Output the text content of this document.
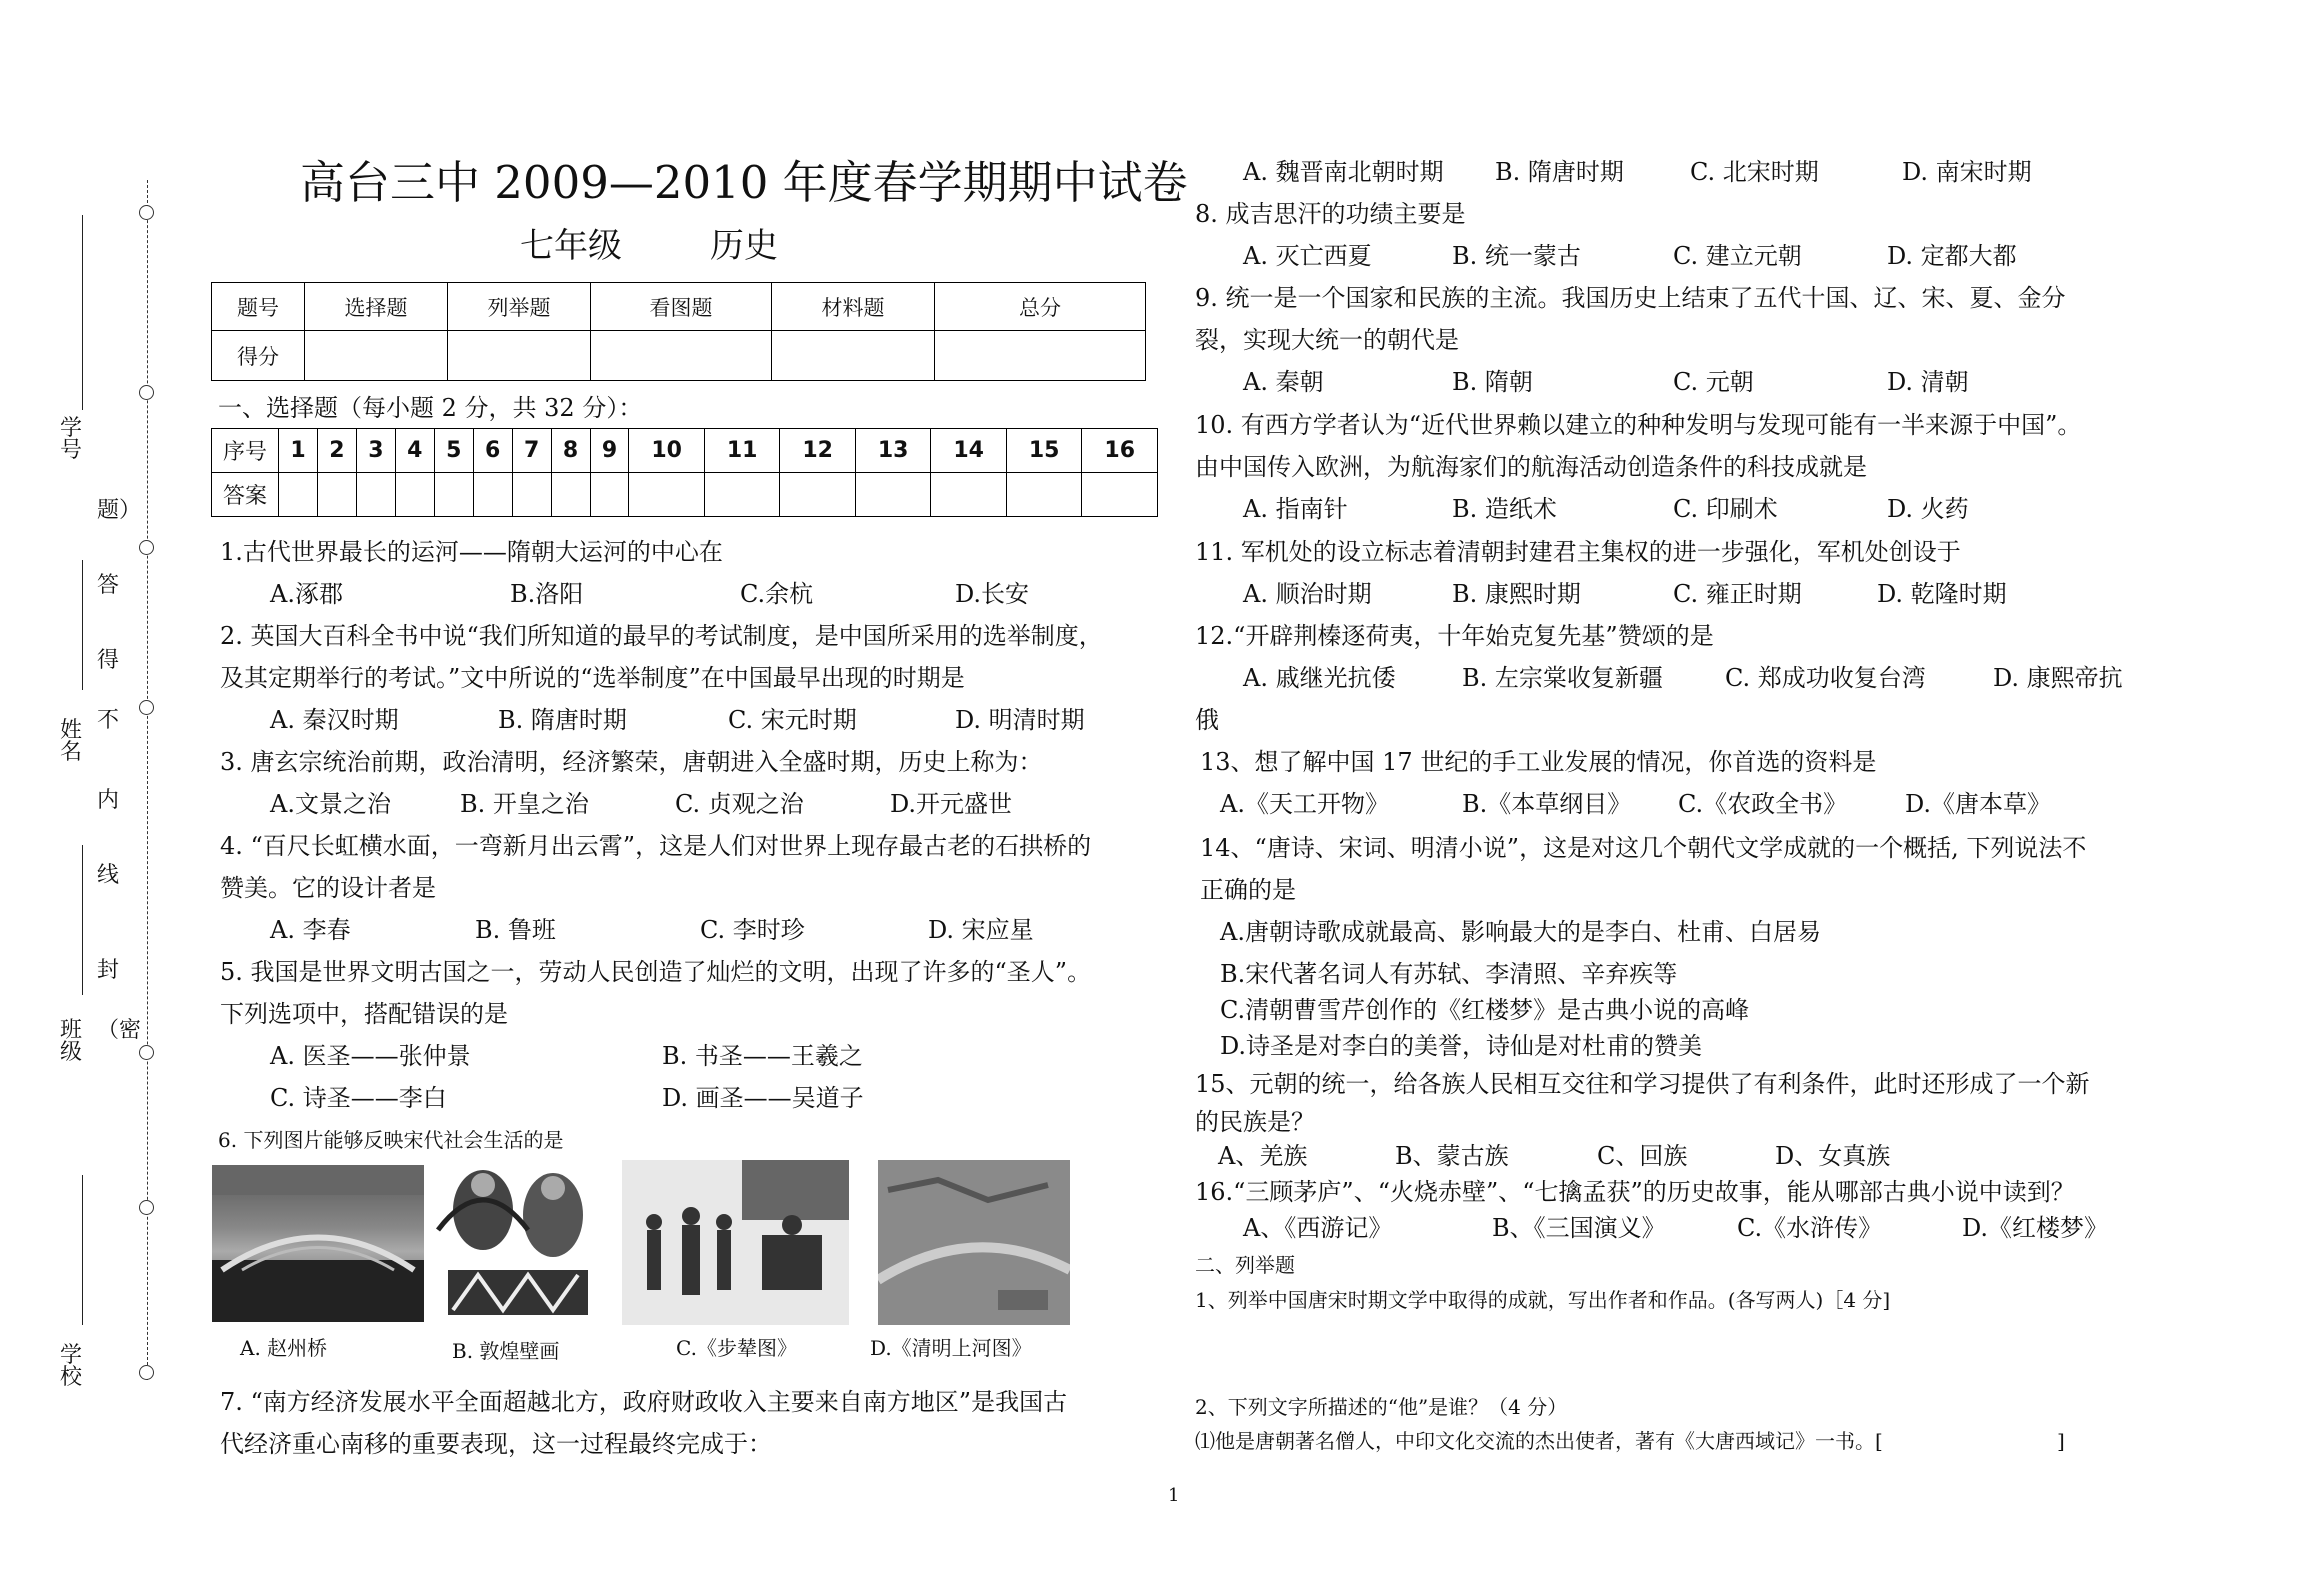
学号
姓名
班级
学校
（密
封
线
内
不
得
答
题）
高台三中 2009—2010 年度春学期期中试卷
七年级	历史
题号	选择题	列举题	看图题	材料题	总分
得分					
一、选择题（每小题 2 分，共 32 分）：
序号	1	2	3	4	5	6	7	8	9	10	11	12	13	14	15	16
答案																
1.古代世界最长的运河——隋朝大运河的中心在
A.涿郡	B.洛阳	C.余杭	D.长安
2. 英国大百科全书中说“我们所知道的最早的考试制度，是中国所采用的选举制度，
及其定期举行的考试。”文中所说的“选举制度”在中国最早出现的时期是
A. 秦汉时期	B. 隋唐时期	C. 宋元时期	D. 明清时期
3. 唐玄宗统治前期，政治清明，经济繁荣，唐朝进入全盛时期，历史上称为：
A.文景之治	B. 开皇之治	C. 贞观之治	D.开元盛世
4. “百尺长虹横水面，一弯新月出云霄”，这是人们对世界上现存最古老的石拱桥的
赞美。它的设计者是
A. 李春	B. 鲁班	C. 李时珍	D. 宋应星
5. 我国是世界文明古国之一，劳动人民创造了灿烂的文明，出现了许多的“圣人”。
下列选项中，搭配错误的是
A. 医圣——张仲景	B. 书圣——王羲之
C. 诗圣——李白	D. 画圣——吴道子
6. 下列图片能够反映宋代社会生活的是
A. 赵州桥	B. 敦煌壁画	C.《步辇图》	D.《清明上河图》
7. “南方经济发展水平全面超越北方，政府财政收入主要来自南方地区”是我国古
代经济重心南移的重要表现，这一过程最终完成于：
A. 魏晋南北朝时期 B. 隋唐时期	C. 北宋时期	D. 南宋时期
8. 成吉思汗的功绩主要是
A. 灭亡西夏	B. 统一蒙古	C. 建立元朝	D. 定都大都
9. 统一是一个国家和民族的主流。我国历史上结束了五代十国、辽、宋、夏、金分
裂，实现大统一的朝代是
A. 秦朝	B. 隋朝	C. 元朝	D. 清朝
10. 有西方学者认为“近代世界赖以建立的种种发明与发现可能有一半来源于中国”。
由中国传入欧洲，为航海家们的航海活动创造条件的科技成就是
A. 指南针	B. 造纸术	C. 印刷术	D. 火药
11. 军机处的设立标志着清朝封建君主集权的进一步强化，军机处创设于
A. 顺治时期	B. 康熙时期	C. 雍正时期	D. 乾隆时期
12.“开辟荆榛逐荷夷，十年始克复先基”赞颂的是
A. 戚继光抗倭	B. 左宗棠收复新疆	C. 郑成功收复台湾	D. 康熙帝抗
俄
13、想了解中国 17 世纪的手工业发展的情况，你首选的资料是
A.《天工开物》	B.《本草纲目》 C.《农政全书》 D.《唐本草》
14、“唐诗、宋词、明清小说”，这是对这几个朝代文学成就的一个概括, 下列说法不
正确的是
A.唐朝诗歌成就最高、影响最大的是李白、杜甫、白居易
B.宋代著名词人有苏轼、李清照、辛弃疾等
C.清朝曹雪芹创作的《红楼梦》是古典小说的高峰
D.诗圣是对李白的美誉，诗仙是对杜甫的赞美
15、元朝的统一，给各族人民相互交往和学习提供了有利条件，此时还形成了一个新
的民族是？
A、羌族	B、蒙古族	C、回族	D、女真族
16.“三顾茅庐”、“火烧赤壁”、“七擒孟获”的历史故事，能从哪部古典小说中读到？
A、《西游记》	B、《三国演义》	C.《水浒传》	D.《红楼梦》
二、列举题
1、列举中国唐宋时期文学中取得的成就，写出作者和作品。(各写两人)［4 分]
2、下列文字所描述的“他”是谁？（4 分）
⑴他是唐朝著名僧人，中印文化交流的杰出使者，著有《大唐西域记》一书。[	]
1
